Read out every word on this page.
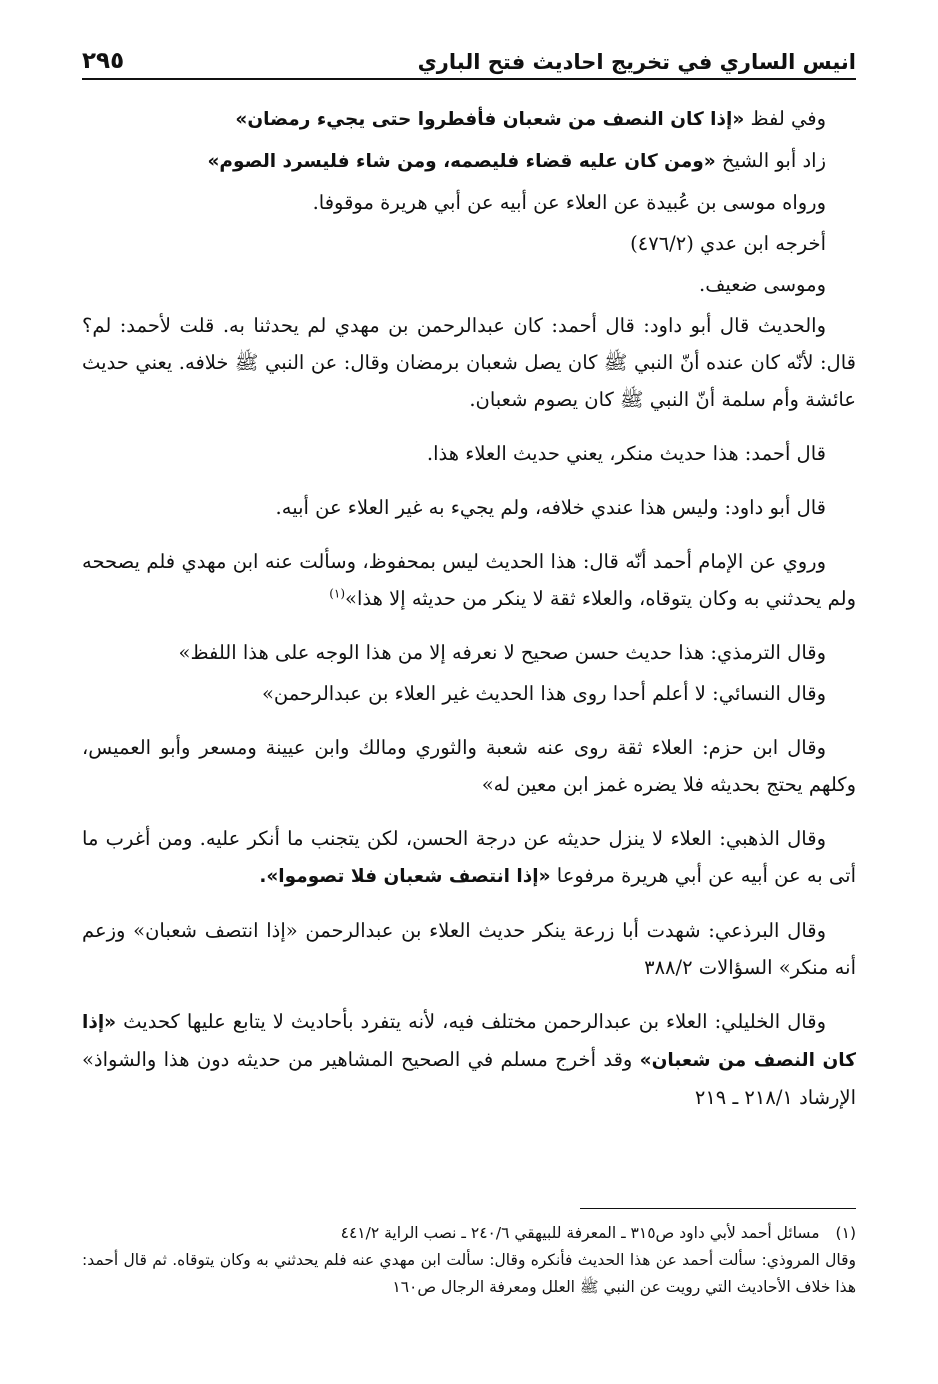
انيس الساري في تخريج احاديث فتح الباري
٢٩٥

وفي لفظ «إذا كان النصف من شعبان فأفطروا حتى يجيء رمضان»

زاد أبو الشيخ «ومن كان عليه قضاء فليصمه، ومن شاء فليسرد الصوم»

ورواه موسى بن عُبيدة عن العلاء عن أبيه عن أبي هريرة موقوفا.

أخرجه ابن عدي (٤٧٦/٢)

وموسى ضعيف.

والحديث قال أبو داود: قال أحمد: كان عبدالرحمن بن مهدي لم يحدثنا به. قلت لأحمد: لم؟ قال: لأنّه كان عنده أنّ النبي ﷺ كان يصل شعبان برمضان وقال: عن النبي ﷺ خلافه. يعني حديث عائشة وأم سلمة أنّ النبي ﷺ كان يصوم شعبان.

قال أحمد: هذا حديث منكر، يعني حديث العلاء هذا.

قال أبو داود: وليس هذا عندي خلافه، ولم يجيء به غير العلاء عن أبيه.

وروي عن الإمام أحمد أنّه قال: هذا الحديث ليس بمحفوظ، وسألت عنه ابن مهدي فلم يصححه ولم يحدثني به وكان يتوقاه، والعلاء ثقة لا ينكر من حديثه إلا هذا»$^{(١)}$

وقال الترمذي: هذا حديث حسن صحيح لا نعرفه إلا من هذا الوجه على هذا اللفظ»

وقال النسائي: لا أعلم أحدا روى هذا الحديث غير العلاء بن عبدالرحمن»

وقال ابن حزم: العلاء ثقة روى عنه شعبة والثوري ومالك وابن عيينة ومسعر وأبو العميس، وكلهم يحتج بحديثه فلا يضره غمز ابن معين له»

وقال الذهبي: العلاء لا ينزل حديثه عن درجة الحسن، لكن يتجنب ما أنكر عليه. ومن أغرب ما أتى به عن أبيه عن أبي هريرة مرفوعا «إذا انتصف شعبان فلا تصوموا».

وقال البرذعي: شهدت أبا زرعة ينكر حديث العلاء بن عبدالرحمن «إذا انتصف شعبان» وزعم أنه منكر» السؤالات ٣٨٨/٢

وقال الخليلي: العلاء بن عبدالرحمن مختلف فيه، لأنه يتفرد بأحاديث لا يتابع عليها كحديث «إذا كان النصف من شعبان» وقد أخرج مسلم في الصحيح المشاهير من حديثه دون هذا والشواذ» الإرشاد ٢١٨/١ ـ ٢١٩

(١)مسائل أحمد لأبي داود ص٣١٥ ـ المعرفة للبيهقي ٢٤٠/٦ ـ نصب الراية ٤٤١/٢

وقال المروذي: سألت أحمد عن هذا الحديث فأنكره وقال: سألت ابن مهدي عنه فلم يحدثني به وكان يتوقاه. ثم قال أحمد: هذا خلاف الأحاديث التي رويت عن النبي ﷺ العلل ومعرفة الرجال ص١٦٠
